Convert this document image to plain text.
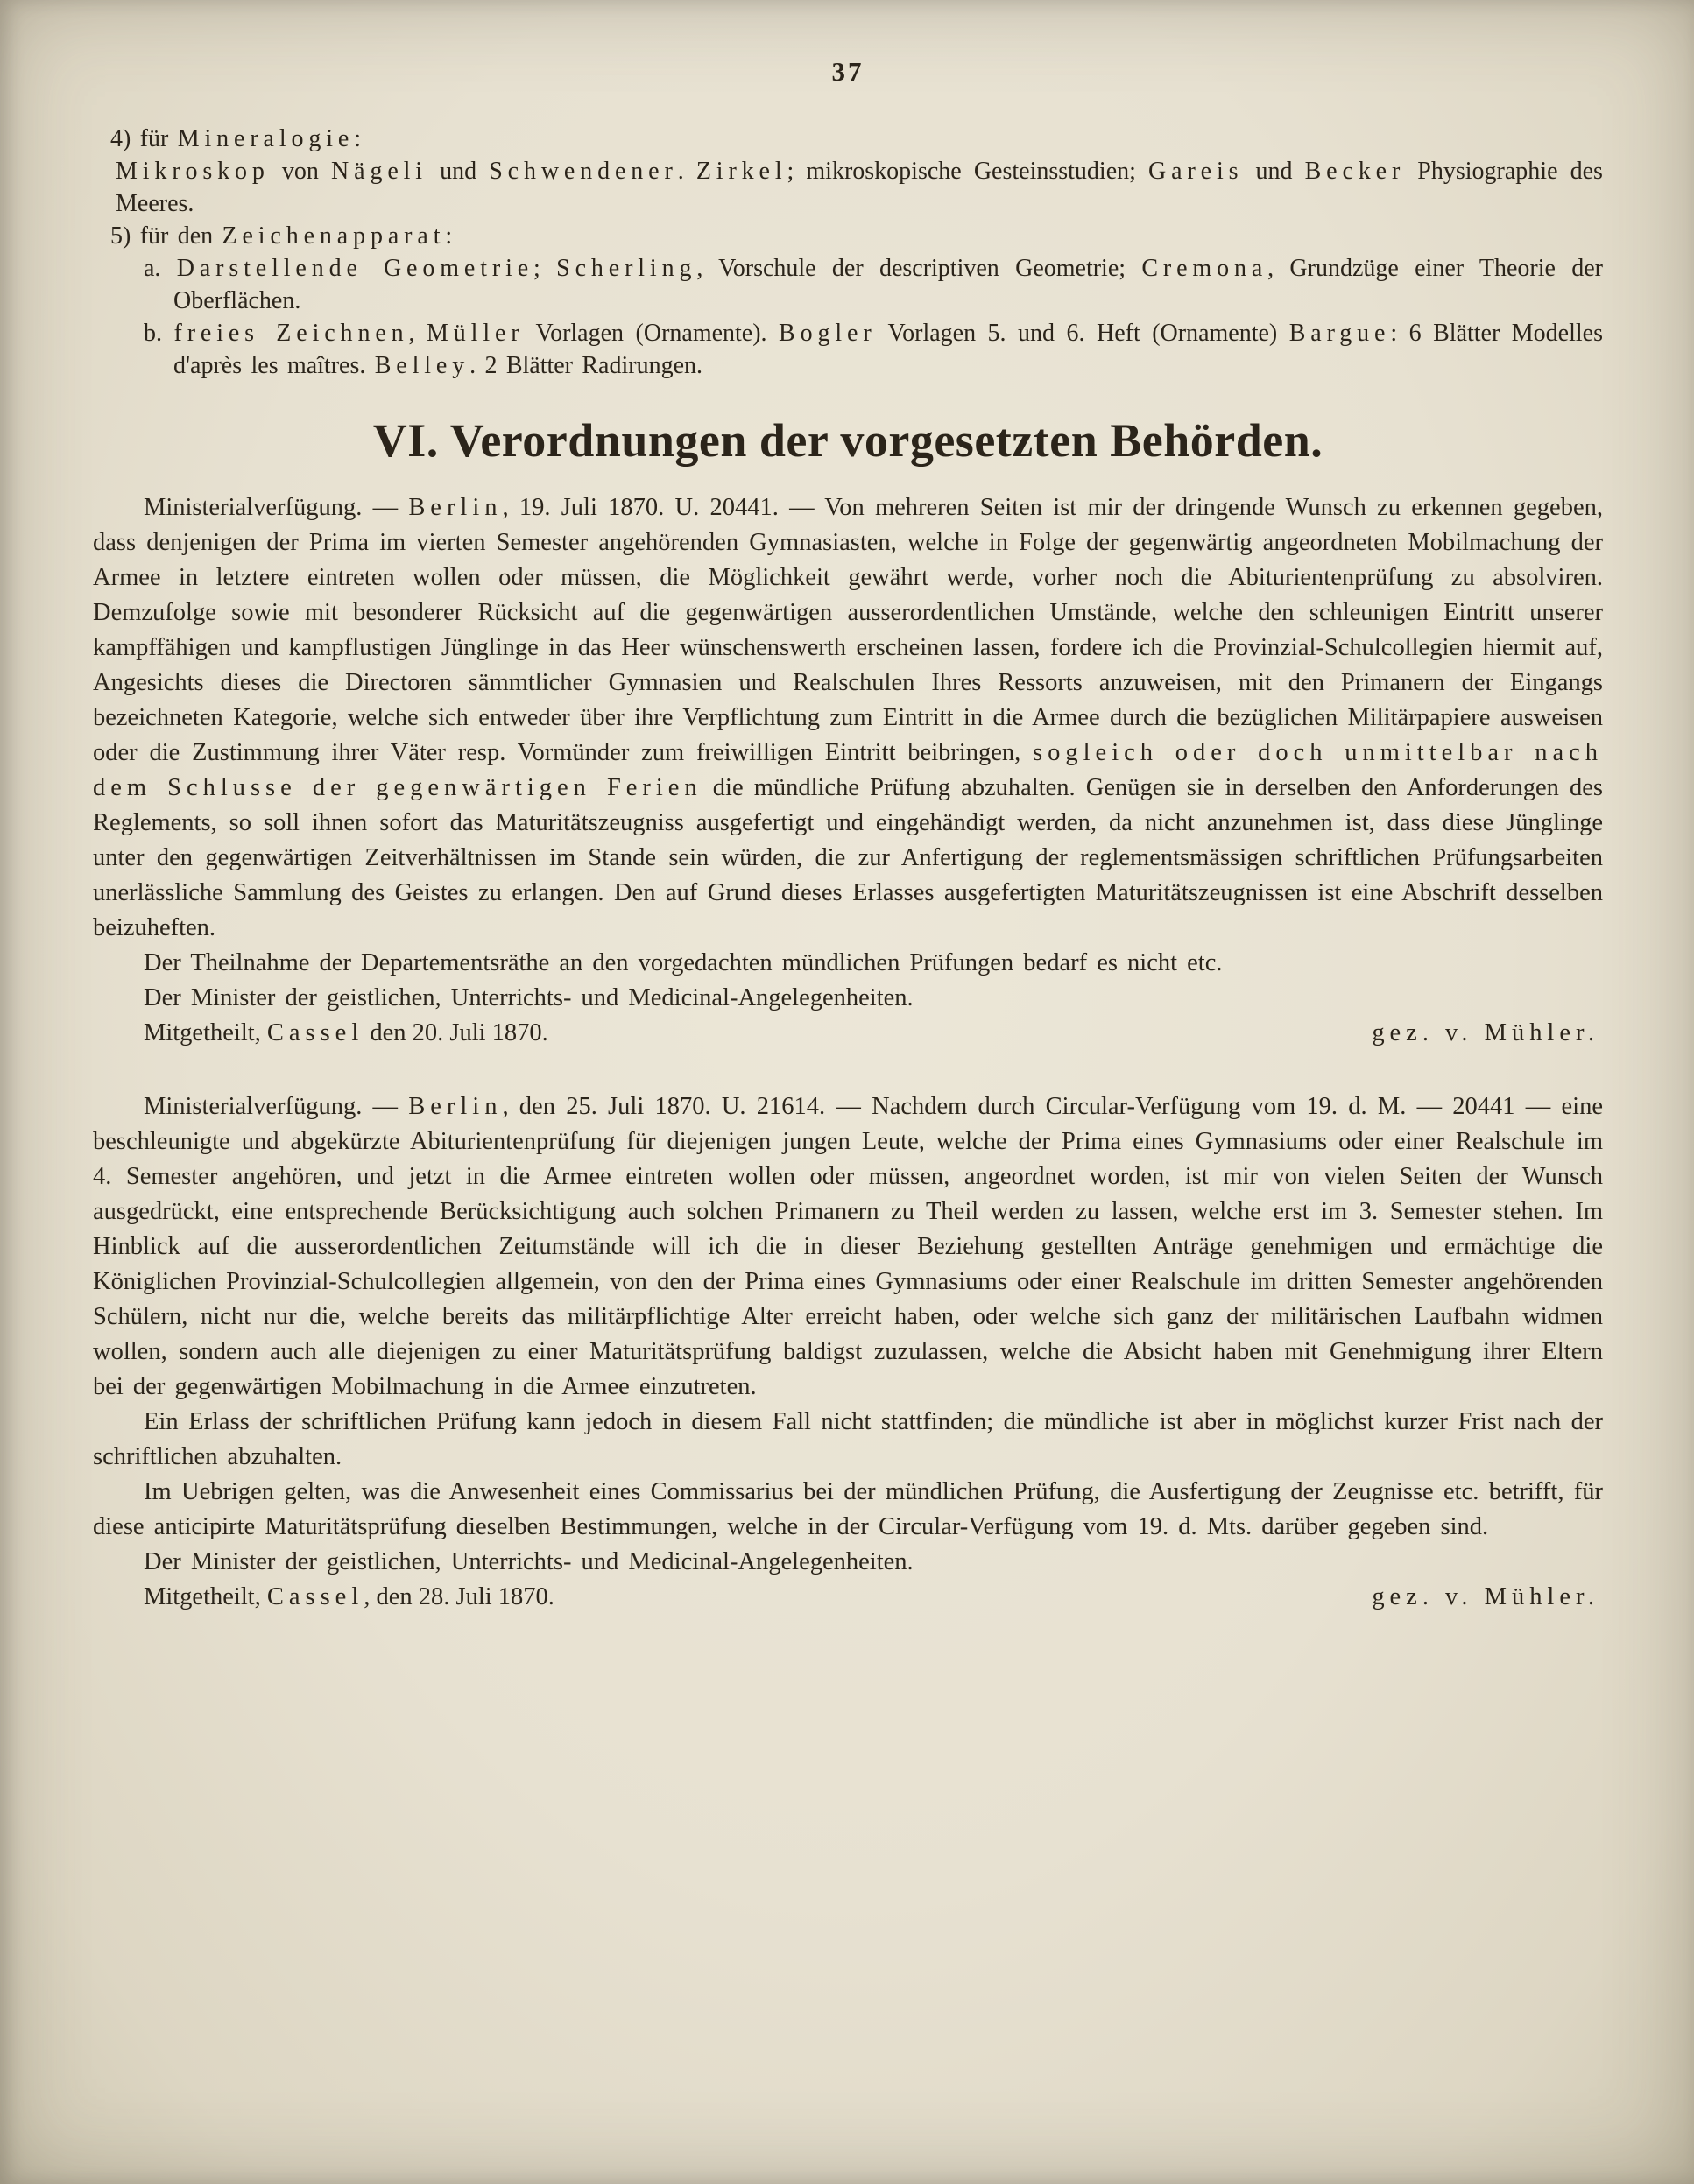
37

4) für Mineralogie:

Mikroskop von Nägeli und Schwendener. Zirkel; mikroskopische Gesteinsstudien; Gareis und Becker Physiographie des Meeres.

5) für den Zeichenapparat:

a. Darstellende Geometrie; Scherling, Vorschule der descriptiven Geometrie; Cremona, Grundzüge einer Theorie der Oberflächen.

b. freies Zeichnen, Müller Vorlagen (Ornamente). Bogler Vorlagen 5. und 6. Heft (Ornamente) Bargue: 6 Blätter Modelles d'après les maîtres. Belley. 2 Blätter Radirungen.

VI. Verordnungen der vorgesetzten Behörden.

Ministerialverfügung. — Berlin, 19. Juli 1870. U. 20441. — Von mehreren Seiten ist mir der dringende Wunsch zu erkennen gegeben, dass denjenigen der Prima im vierten Semester angehörenden Gymnasiasten, welche in Folge der gegenwärtig angeordneten Mobilmachung der Armee in letztere eintreten wollen oder müssen, die Möglichkeit gewährt werde, vorher noch die Abiturientenprüfung zu absolviren. Demzufolge sowie mit besonderer Rücksicht auf die gegenwärtigen ausserordentlichen Umstände, welche den schleunigen Eintritt unserer kampffähigen und kampflustigen Jünglinge in das Heer wünschenswerth erscheinen lassen, fordere ich die Provinzial-Schulcollegien hiermit auf, Angesichts dieses die Directoren sämmtlicher Gymnasien und Realschulen Ihres Ressorts anzuweisen, mit den Primanern der Eingangs bezeichneten Kategorie, welche sich entweder über ihre Verpflichtung zum Eintritt in die Armee durch die bezüglichen Militärpapiere ausweisen oder die Zustimmung ihrer Väter resp. Vormünder zum freiwilligen Eintritt beibringen, sogleich oder doch unmittelbar nach dem Schlusse der gegenwärtigen Ferien die mündliche Prüfung abzuhalten. Genügen sie in derselben den Anforderungen des Reglements, so soll ihnen sofort das Maturitätszeugniss ausgefertigt und eingehändigt werden, da nicht anzunehmen ist, dass diese Jünglinge unter den gegenwärtigen Zeitverhältnissen im Stande sein würden, die zur Anfertigung der reglementsmässigen schriftlichen Prüfungsarbeiten unerlässliche Sammlung des Geistes zu erlangen. Den auf Grund dieses Erlasses ausgefertigten Maturitätszeugnissen ist eine Abschrift desselben beizuheften.

Der Theilnahme der Departementsräthe an den vorgedachten mündlichen Prüfungen bedarf es nicht etc.

Der Minister der geistlichen, Unterrichts- und Medicinal-Angelegenheiten.

Mitgetheilt, Cassel den 20. Juli 1870.	gez. v. Mühler.

Ministerialverfügung. — Berlin, den 25. Juli 1870. U. 21614. — Nachdem durch Circular-Verfügung vom 19. d. M. — 20441 — eine beschleunigte und abgekürzte Abiturientenprüfung für diejenigen jungen Leute, welche der Prima eines Gymnasiums oder einer Realschule im 4. Semester angehören, und jetzt in die Armee eintreten wollen oder müssen, angeordnet worden, ist mir von vielen Seiten der Wunsch ausgedrückt, eine entsprechende Berücksichtigung auch solchen Primanern zu Theil werden zu lassen, welche erst im 3. Semester stehen. Im Hinblick auf die ausserordentlichen Zeitumstände will ich die in dieser Beziehung gestellten Anträge genehmigen und ermächtige die Königlichen Provinzial-Schulcollegien allgemein, von den der Prima eines Gymnasiums oder einer Realschule im dritten Semester angehörenden Schülern, nicht nur die, welche bereits das militärpflichtige Alter erreicht haben, oder welche sich ganz der militärischen Laufbahn widmen wollen, sondern auch alle diejenigen zu einer Maturitätsprüfung baldigst zuzulassen, welche die Absicht haben mit Genehmigung ihrer Eltern bei der gegenwärtigen Mobilmachung in die Armee einzutreten.

Ein Erlass der schriftlichen Prüfung kann jedoch in diesem Fall nicht stattfinden; die mündliche ist aber in möglichst kurzer Frist nach der schriftlichen abzuhalten.

Im Uebrigen gelten, was die Anwesenheit eines Commissarius bei der mündlichen Prüfung, die Ausfertigung der Zeugnisse etc. betrifft, für diese anticipirte Maturitätsprüfung dieselben Bestimmungen, welche in der Circular-Verfügung vom 19. d. Mts. darüber gegeben sind.

Der Minister der geistlichen, Unterrichts- und Medicinal-Angelegenheiten.

Mitgetheilt, Cassel, den 28. Juli 1870.	gez. v. Mühler.
